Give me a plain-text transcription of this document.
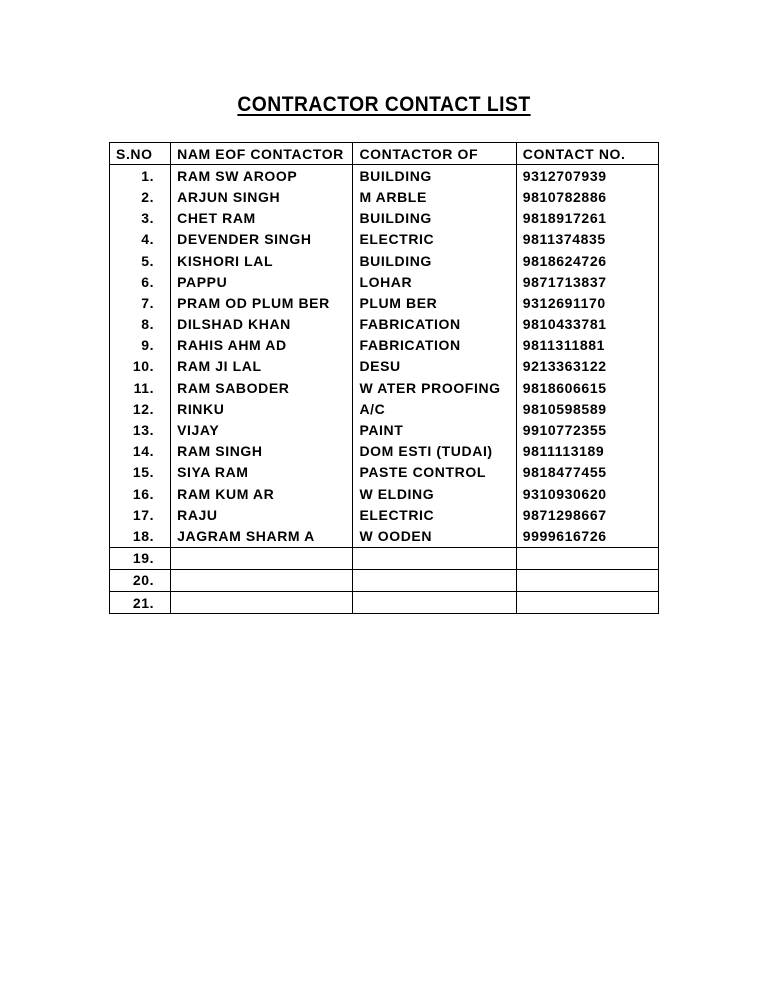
CONTRACTOR CONTACT LIST
S.NO	NAM EOF CONTACTOR	CONTACTOR OF	CONTACT NO.
1.	RAM SW AROOP	BUILDING	9312707939
2.	ARJUN SINGH	M ARBLE	9810782886
3.	CHET RAM	BUILDING	9818917261
4.	DEVENDER SINGH	ELECTRIC	9811374835
5.	KISHORI LAL	BUILDING	9818624726
6.	PAPPU	LOHAR	9871713837
7.	PRAM OD PLUM BER	PLUM BER	9312691170
8.	DILSHAD KHAN	FABRICATION	9810433781
9.	RAHIS AHM AD	FABRICATION	9811311881
10.	RAM JI LAL	DESU	9213363122
11.	RAM SABODER	W ATER PROOFING	9818606615
12.	RINKU	A/C	9810598589
13.	VIJAY	PAINT	9910772355
14.	RAM SINGH	DOM ESTI (TUDAI)	9811113189
15.	SIYA RAM	PASTE CONTROL	9818477455
16.	RAM KUM AR	W ELDING	9310930620
17.	RAJU	ELECTRIC	9871298667
18.	JAGRAM SHARM A	W OODEN	9999616726
19.			
20.			
21.			
